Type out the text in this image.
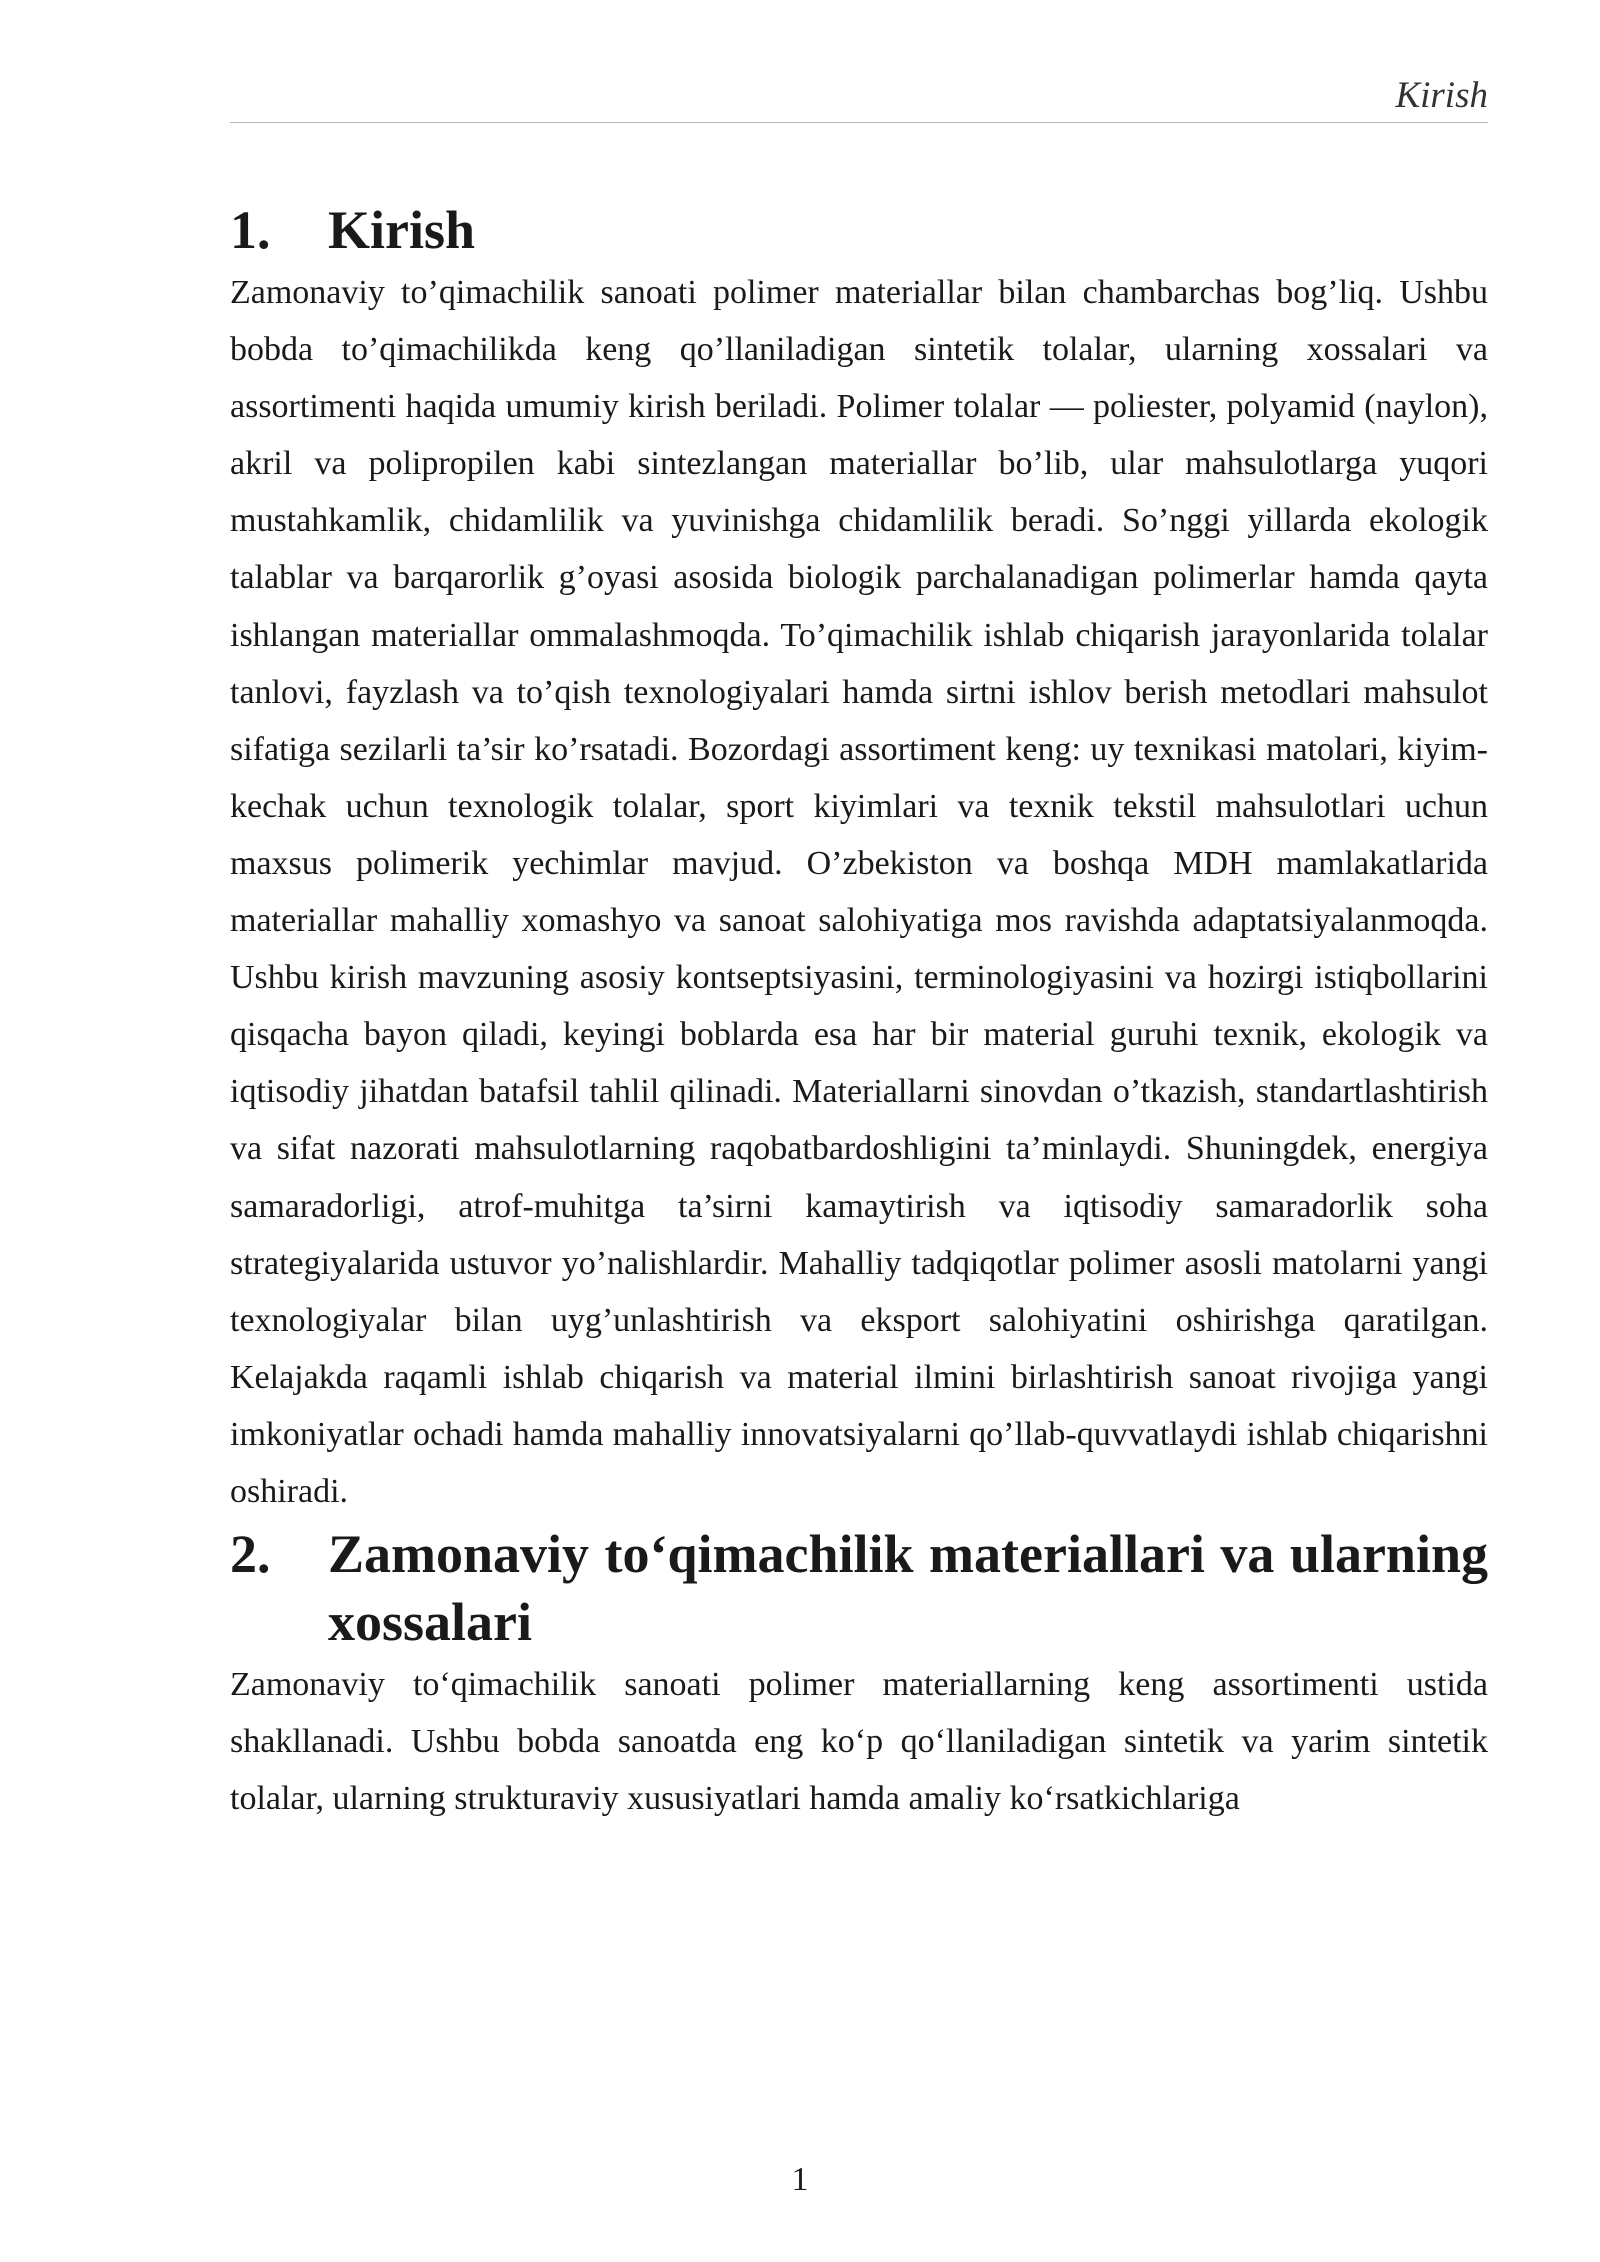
Kirish
1.	Kirish

Zamonaviy to’qimachilik sanoati polimer materiallar bilan chambarchas bog’liq. Ushbu bobda to’qimachilikda keng qo’llaniladigan sintetik tolalar, ularning xossalari va assortimenti haqida umumiy kirish beriladi. Polimer tolalar — poliester, polyamid (naylon), akril va polipropilen kabi sintezlangan materiallar bo’lib, ular mahsulotlarga yuqori mustahkamlik, chidamlilik va yuvinishga chidamlilik beradi. So’nggi yillarda ekologik talablar va barqarorlik g’oyasi asosida biologik parchalanadigan polimerlar hamda qayta ishlangan materiallar ommalashmoqda. To’qimachilik ishlab chiqarish jarayonlarida tolalar tanlovi, fayzlash va to’qish texnologiyalari hamda sirtni ishlov berish metodlari mahsulot sifatiga sezilarli ta’sir ko’rsatadi. Bozordagi assortiment keng: uy texnikasi matolari, kiyim-kechak uchun texnologik tolalar, sport kiyimlari va texnik tekstil mahsulotlari uchun maxsus polimerik yechimlar mavjud. O’zbekiston va boshqa MDH mamlakatlarida materiallar mahalliy xomashyo va sanoat salohiyatiga mos ravishda adaptatsiyalanmoqda. Ushbu kirish mavzuning asosiy kontseptsiyasini, terminologiyasini va hozirgi istiqbollarini qisqacha bayon qiladi, keyingi boblarda esa har bir material guruhi texnik, ekologik va iqtisodiy jihatdan batafsil tahlil qilinadi. Materiallarni sinovdan o’tkazish, standartlashtirish va sifat nazorati mahsulotlarning raqobatbardoshligini ta’minlaydi. Shuningdek, energiya samaradorligi, atrof-muhitga ta’sirni kamaytirish va iqtisodiy samaradorlik soha strategiyalarida ustuvor yo’nalishlardir. Mahalliy tadqiqotlar polimer asosli matolarni yangi texnologiyalar bilan uyg’unlashtirish va eksport salohiyatini oshirishga qaratilgan. Kelajakda raqamli ishlab chiqarish va material ilmini birlashtirish sanoat rivojiga yangi imkoniyatlar ochadi hamda mahalliy innovatsiyalarni qo’llab-quvvatlaydi ishlab chiqarishni oshiradi.

2.	Zamonaviy to‘qimachilik materiallari va ularning xossalari

Zamonaviy to‘qimachilik sanoati polimer materiallarning keng assortimenti ustida shakllanadi. Ushbu bobda sanoatda eng ko‘p qo‘llaniladigan sintetik va yarim sintetik tolalar, ularning strukturaviy xususiyatlari hamda amaliy ko‘rsatkichlariga

1
